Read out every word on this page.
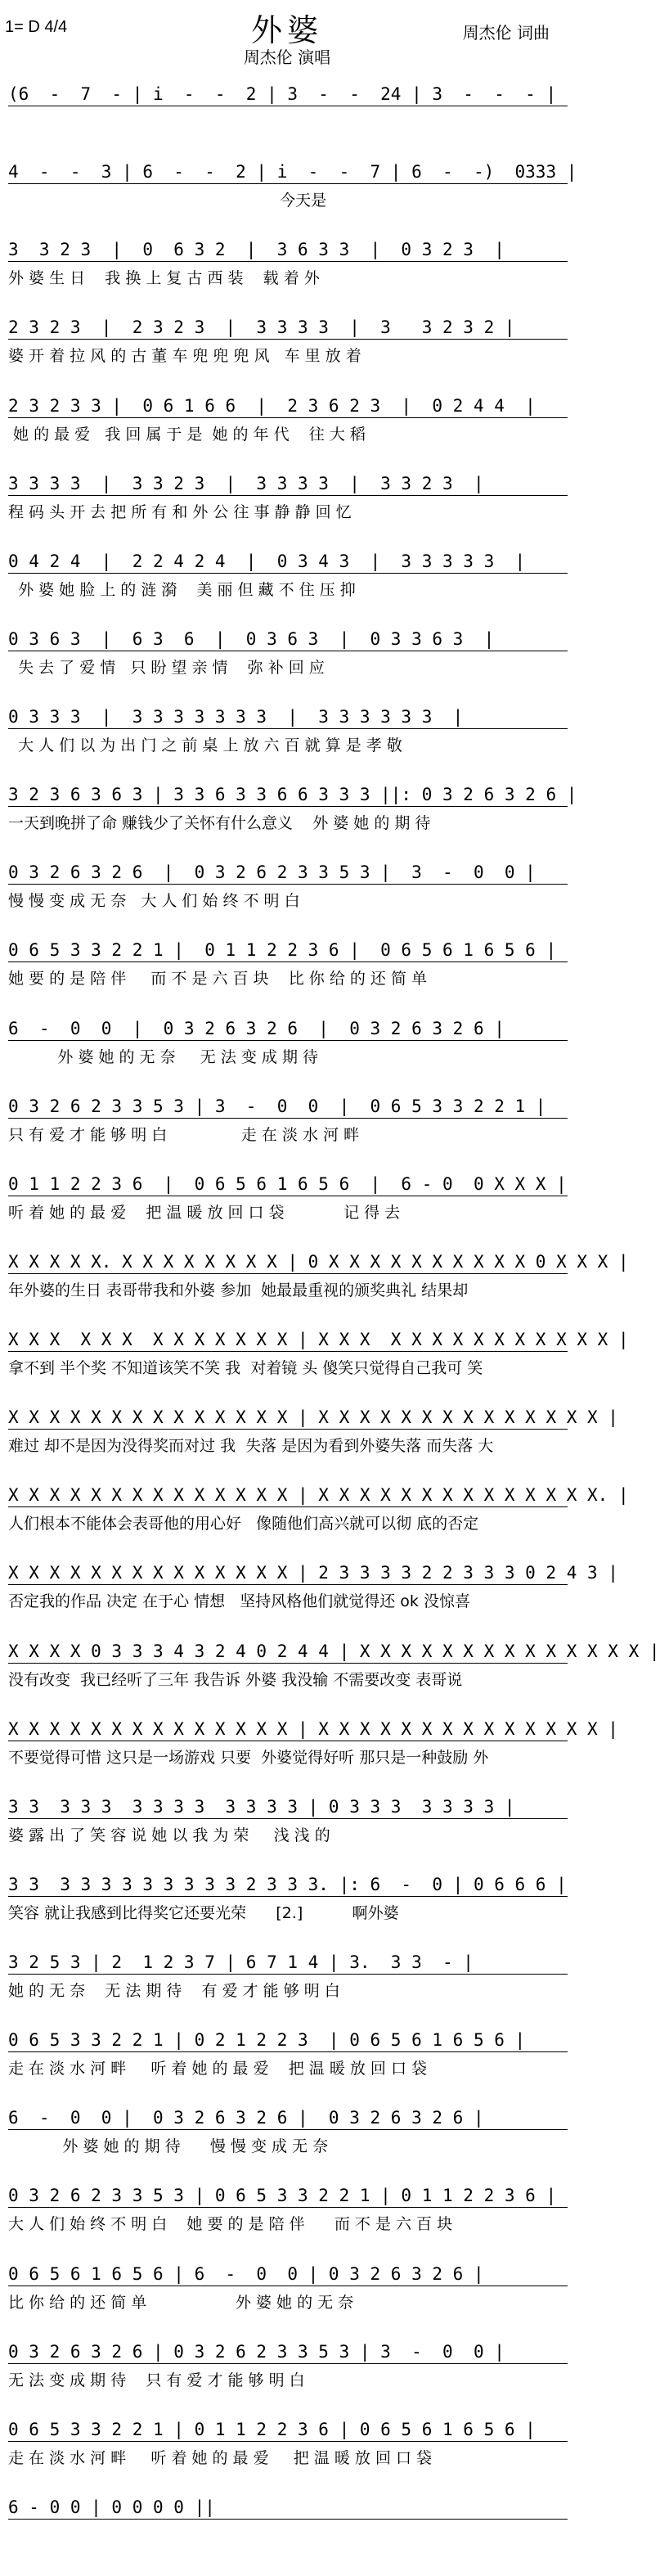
1= D 4/4	外婆	周杰伦 词曲
周杰伦 演唱
(6  -  7  - | i  -  -  2 | 3  -  -  24 | 3  -  -  - |
4  -  -  3 | 6  -  -  2 | i  -  -  7 | 6  -  -)  0333 |
今天是
3  3 2 3  |  0  6 3 2  |  3 6 3 3  |  0 3 2 3  |
外 婆 生 日    我 换 上 复 古 西 装    载 着 外
2 3 2 3  |  2 3 2 3  |  3 3 3 3  |  3   3 2 3 2 |
婆 开 着 拉 风 的 古 董 车 兜 兜 兜 风   车 里 放 着
2 3 2 3 3 |  0 6 1 6 6  |  2 3 6 2 3  |  0 2 4 4  |
她 的 最 爱   我 回 属 于 是  她 的 年 代    往 大 稻
3 3 3 3  |  3 3 2 3  |  3 3 3 3  |  3 3 2 3  |
程 码 头 开 去 把 所 有 和 外 公 往 事 静 静 回 忆
0 4 2 4  |  2 2 4 2 4  |  0 3 4 3  |  3 3 3 3 3  |
外 婆 她 脸 上 的 涟 漪    美 丽 但 藏 不 住 压 抑
0 3 6 3  |  6 3  6  |  0 3 6 3  |  0 3 3 6 3  |
失 去 了 爱 情   只 盼 望 亲 情    弥 补 回 应
0 3 3 3  |  3 3 3 3 3 3 3  |  3 3 3 3 3 3  |
大 人 们 以 为 出 门 之 前 桌 上 放 六 百 就 算 是 孝 敬
3 2 3 6 3 6 3 | 3 3 6 3 3 6 6 3 3 3 ||: 0 3 2 6 3 2 6 |
一天到晚拼了命 赚钱少了关怀有什么意义    外 婆 她 的 期 待
0 3 2 6 3 2 6  |  0 3 2 6 2 3 3 5 3 |  3  -  0  0 |
慢 慢 变 成 无 奈   大 人 们 始 终 不 明 白
0 6 5 3 3 2 2 1 |  0 1 1 2 2 3 6 |  0 6 5 6 1 6 5 6 |
她 要 的 是 陪 伴     而 不 是 六 百 块    比 你 给 的 还 简 单
6  -  0  0  |  0 3 2 6 3 2 6  |  0 3 2 6 3 2 6 |
外 婆 她 的 无 奈     无 法 变 成 期 待
0 3 2 6 2 3 3 5 3 | 3  -  0  0  |  0 6 5 3 3 2 2 1 |
只 有 爱 才 能 够 明 白               走 在 淡 水 河 畔
0 1 1 2 2 3 6  |  0 6 5 6 1 6 5 6  |  6 - 0  0 X X X |
听 着 她 的 最 爱    把 温 暖 放 回 口 袋            记 得 去
X X X X X. X X X X X X X X | 0 X X X X X X X X X X 0 X X X |
年外婆的生日 表哥带我和外婆 参加  她最最重视的颁奖典礼 结果却
X X X  X X X  X X X X X X X | X X X  X X X X X X X X X X X |
拿不到 半个奖 不知道该笑不笑 我  对着镜 头 傻笑只觉得自己我可 笑
X X X X X X X X X X X X X X | X X X X X X X X X X X X X X |
难过 却不是因为没得奖而对过 我  失落 是因为看到外婆失落 而失落 大
X X X X X X X X X X X X X X | X X X X X X X X X X X X X X. |
人们根本不能体会表哥他的用心好   像随他们高兴就可以彻 底的否定
X X X X X X X X X X X X X X | 2 3 3 3 3 2 2 3 3 3 0 2 4 3 |
否定我的作品 决定 在于心 情想   坚持风格他们就觉得还 ok 没惊喜
X X X X 0 3 3 3 4 3 2 4 0 2 4 4 | X X X X X X X X X X X X X X |
没有改变  我已经听了三年 我告诉 外婆 我没输 不需要改变 表哥说
X X X X X X X X X X X X X X | X X X X X X X X X X X X X X |
不要觉得可惜 这只是一场游戏 只要  外婆觉得好听 那只是一种鼓励 外
3 3  3 3 3  3 3 3 3  3 3 3 3 | 0 3 3 3  3 3 3 3 |
婆 露 出 了 笑 容 说 她 以 我 为 荣     浅 浅 的
3 3  3 3 3 3 3 3 3 3 3 2 3 3 3. |: 6  -  0 | 0 6 6 6 |
笑容 就让我感到比得奖它还要光荣      [2.]          啊外婆
3 2 5 3 | 2  1 2 3 7 | 6 7 1 4 | 3.  3 3  - |
她 的 无 奈    无 法 期 待    有 爱 才 能 够 明 白
0 6 5 3 3 2 2 1 | 0 2 1 2 2 3  | 0 6 5 6 1 6 5 6 |
走 在 淡 水 河 畔     听 着 她 的 最 爱    把 温 暖 放 回 口 袋
6  -  0  0 |  0 3 2 6 3 2 6 |  0 3 2 6 3 2 6 |
外 婆 她 的 期 待      慢 慢 变 成 无 奈
0 3 2 6 2 3 3 5 3 | 0 6 5 3 3 2 2 1 | 0 1 1 2 2 3 6 |
大 人 们 始 终 不 明 白    她 要 的 是 陪 伴      而 不 是 六 百 块
0 6 5 6 1 6 5 6 | 6  -  0  0 | 0 3 2 6 3 2 6 |
比 你 给 的 还 简 单                  外 婆 她 的 无 奈
0 3 2 6 3 2 6 | 0 3 2 6 2 3 3 5 3 | 3  -  0  0 |
无 法 变 成 期 待    只 有 爱 才 能 够 明 白
0 6 5 3 3 2 2 1 | 0 1 1 2 2 3 6 | 0 6 5 6 1 6 5 6 |
走 在 淡 水 河 畔     听 着 她 的 最 爱     把 温 暖 放 回 口 袋
6 - 0 0 | 0 0 0 0 ||
